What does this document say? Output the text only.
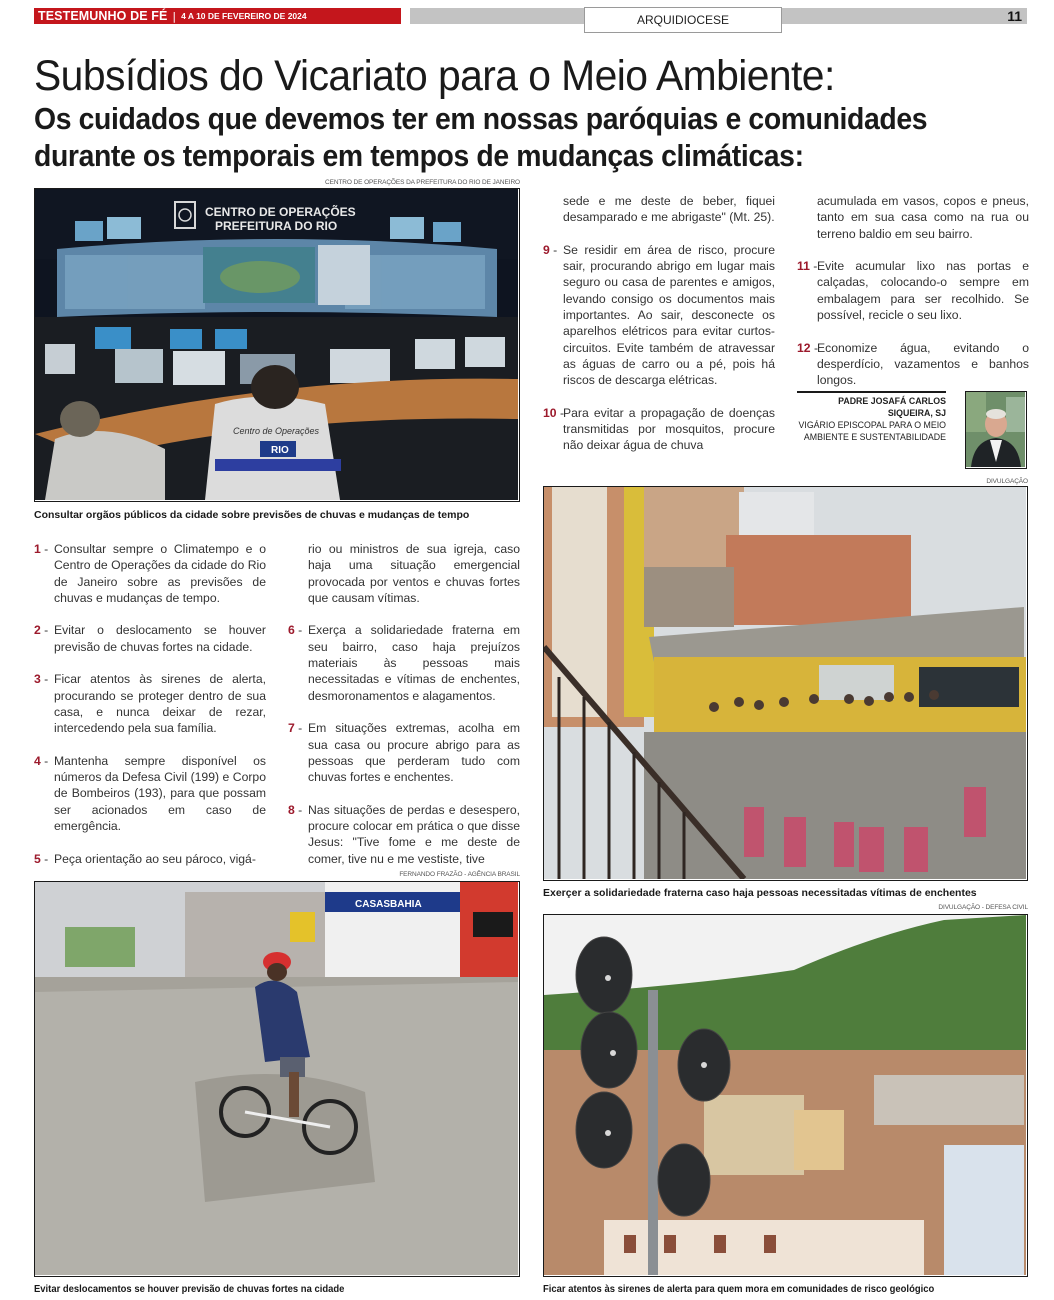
TESTEMUNHO DE FÉ | 4 A 10 DE FEVEREIRO DE 2024	ARQUIDIOCESE	11
Subsídios do Vicariato para o Meio Ambiente:
Os cuidados que devemos ter em nossas paróquias e comunidades durante os temporais em tempos de mudanças climáticas:
CENTRO DE OPERAÇÕES DA PREFEITURA DO RIO DE JANEIRO
CENTRO DE OPERAÇÕES
PREFEITURA DO RIO
Centro de Operações
RIO
Consultar orgãos públicos da cidade sobre previsões de chuvas e mudanças de tempo
1 - Consultar sempre o Climatempo e o Centro de Operações da cidade do Rio de Janeiro sobre as previsões de chuvas e mudanças de tempo.
2 - Evitar o deslocamento se houver previsão de chuvas fortes na cidade.
3 - Ficar atentos às sirenes de alerta, procurando se proteger dentro de sua casa, e nunca deixar de rezar, intercedendo pela sua família.
4 - Mantenha sempre disponível os números da Defesa Civil (199) e Corpo de Bombeiros (193), para que possam ser acionados em caso de emergência.
5 - Peça orientação ao seu pároco, vigá-
rio ou ministros de sua igreja, caso haja uma situação emergencial provocada por ventos e chuvas fortes que causam vítimas.
6 - Exerça a solidariedade fraterna em seu bairro, caso haja prejuízos materiais às pessoas mais necessitadas e vítimas de enchentes, desmoronamentos e alagamentos.
7 - Em situações extremas, acolha em sua casa ou procure abrigo para as pessoas que perderam tudo com chuvas fortes e enchentes.
8 - Nas situações de perdas e desespero, procure colocar em prática o que disse Jesus: "Tive fome e me deste de comer, tive nu e me vestiste, tive
sede e me deste de beber, fiquei desamparado e me abrigaste" (Mt. 25).
9 - Se residir em área de risco, procure sair, procurando abrigo em lugar mais seguro ou casa de parentes e amigos, levando consigo os documentos mais importantes. Ao sair, desconecte os aparelhos elétricos para evitar curtos-circuitos. Evite também de atravessar as águas de carro ou a pé, pois há riscos de descarga elétricas.
10 -
Para evitar a propagação de doenças transmitidas por mosquitos, procure não deixar água de chuva
acumulada em vasos, copos e pneus, tanto em sua casa como na rua ou terreno baldio em seu bairro.
11 - Evite acumular lixo nas portas e calçadas, colocando-o sempre em embalagem para ser recolhido. Se possível, recicle o seu lixo.
12 -
Economize água, evitando o desperdício, vazamentos e banhos longos.
PADRE JOSAFÁ CARLOS SIQUEIRA, SJ
VIGÁRIO EPISCOPAL PARA O MEIO AMBIENTE E SUSTENTABILIDADE
DIVULGAÇÃO
Exerçer a solidariedade fraterna caso haja pessoas necessitadas vítimas de enchentes
DIVULGAÇÃO - DEFESA CIVIL
FERNANDO FRAZÃO - AGÊNCIA BRASIL
CASASBAHIA
Evitar deslocamentos se houver previsão de chuvas fortes na cidade	Ficar atentos às sirenes de alerta para quem mora em comunidades de risco geológico
